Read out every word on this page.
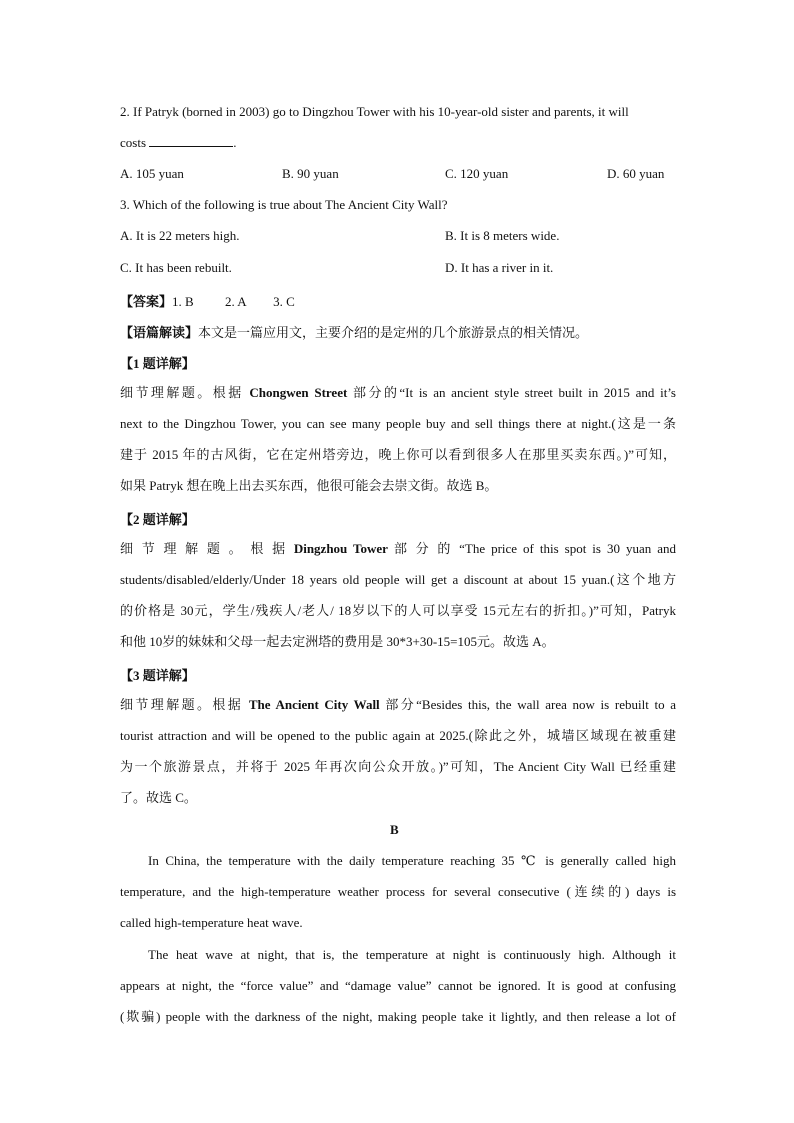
2. If Patryk (borned in 2003) go to Dingzhou Tower with his 10-year-old sister and parents, it will
costs	.
A. 105 yuan	B. 90 yuan	C. 120 yuan	D. 60 yuan
3. Which of the following is true about The Ancient City Wall?
A. It is 22 meters high.	B. It is 8 meters wide.
C. It has been rebuilt.	D. It has a river in it.
【答案】1. B 2. A 3. C
【语篇解读】本文是一篇应用文，主要介绍的是定州的几个旅游景点的相关情况。
【1 题详解】
细节理解题。根据 Chongwen Street 部分的“It is an ancient style street built in 2015 and it’s
next to the Dingzhou Tower, you can see many people buy and sell things there at night.(这是一条
建于 2015 年的古风街，它在定州塔旁边，晚上你可以看到很多人在那里买卖东西。)”可知，
如果 Patryk 想在晚上出去买东西，他很可能会去崇文街。故选 B。
【2 题详解】
细 节 理 解 题 。 根 据 Dingzhou Tower 部 分 的 “The price of this spot is 30 yuan and
students/disabled/elderly/Under 18 years old people will get a discount at about 15 yuan.(这个地方
的价格是 30元，学生/残疾人/老人/ 18岁以下的人可以享受 15元左右的折扣。)”可知，Patryk
和他 10岁的妹妹和父母一起去定洲塔的费用是 30*3+30-15=105元。故选 A。
【3 题详解】
细节理解题。根据 The Ancient City Wall 部分“Besides this, the wall area now is rebuilt to a
tourist attraction and will be opened to the public again at 2025.(除此之外，城墙区域现在被重建
为一个旅游景点，并将于 2025 年再次向公众开放。)”可知，The Ancient City Wall 已经重建
了。故选 C。
B
In China, the temperature with the daily temperature reaching 35 ℃ is generally called high
temperature, and the high-temperature weather process for several consecutive (连续的) days is
called high-temperature heat wave.
The heat wave at night, that is, the temperature at night is continuously high. Although it
appears at night, the “force value” and “damage value” cannot be ignored. It is good at confusing
(欺骗) people with the darkness of the night, making people take it lightly, and then release a lot of
